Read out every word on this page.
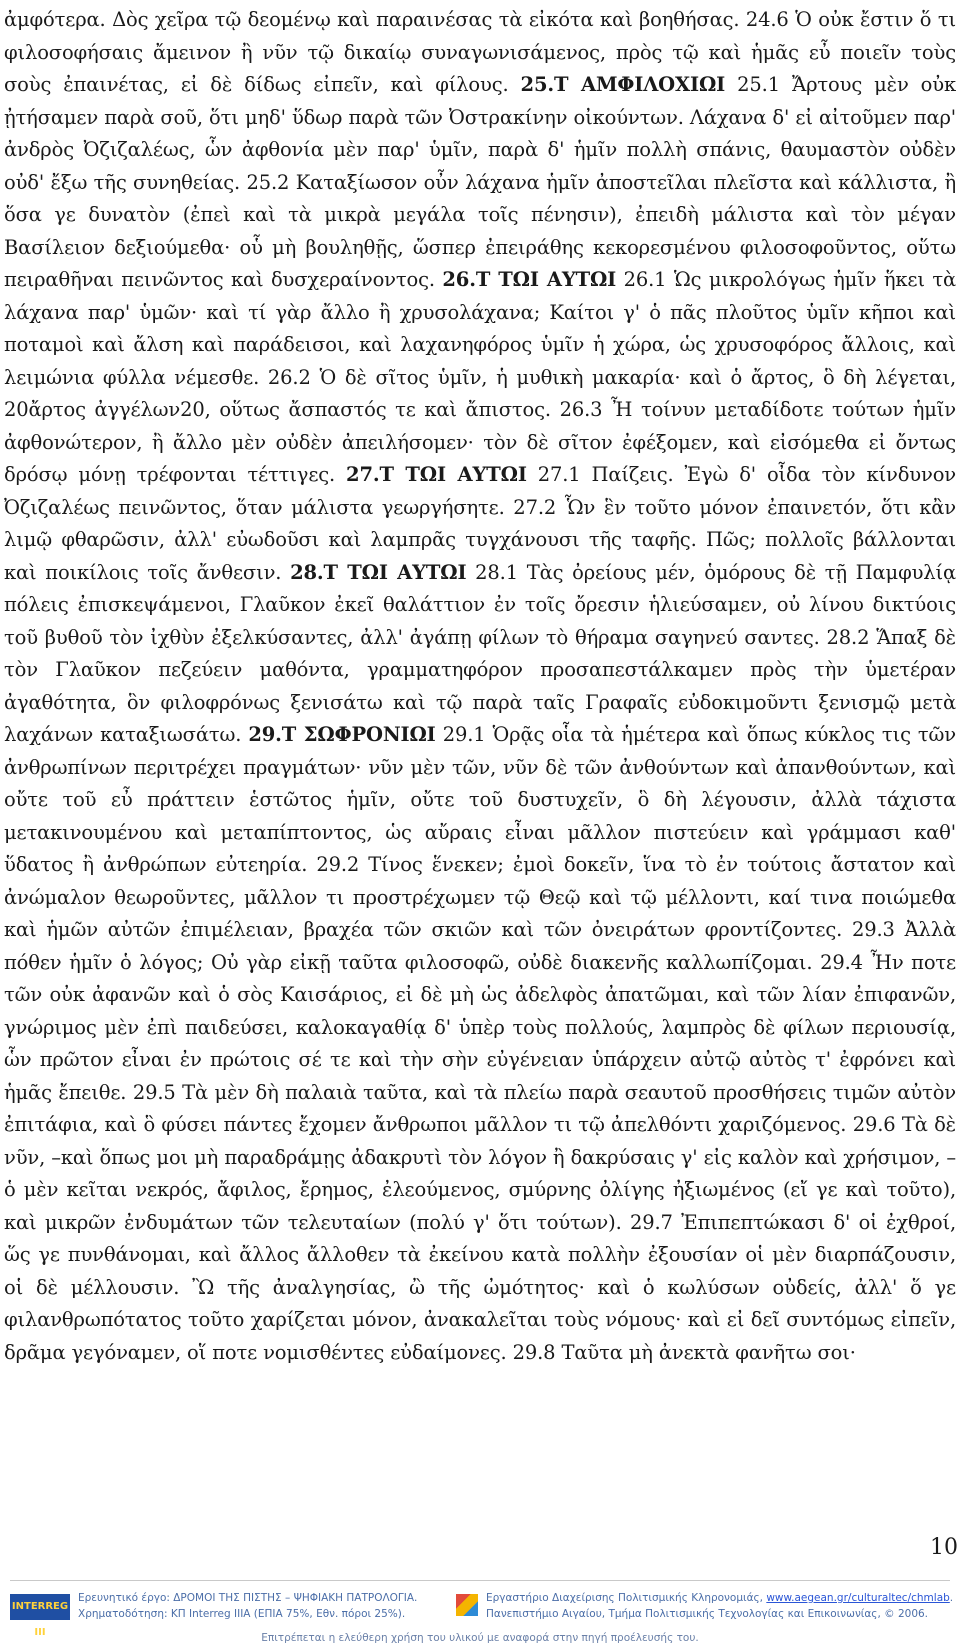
ἀμφότερα. Δὸς χεῖρα τῷ δεομένῳ καὶ παραινέσας τὰ εἰκότα καὶ βοηθήσας. 24.6 Ὁ οὐκ ἔστιν ὅ τι φιλοσοφήσαις ἄμεινον ἢ νῦν τῷ δικαίῳ συναγωνισάμενος, πρὸς τῷ καὶ ἡμᾶς εὖ ποιεῖν τοὺς σοὺς ἐπαινέτας, εἰ δὲ δίδως εἰπεῖν, καὶ φίλους. 25.Τ ΑΜΦΙΛΟΧΙΩΙ 25.1 Ἄρτους μὲν οὐκ ᾐτήσαμεν παρὰ σοῦ, ὅτι μηδ' ὕδωρ παρὰ τῶν Ὀστρακίνην οἰκούντων. Λάχανα δ' εἰ αἰτοῦμεν παρ' ἀνδρὸς Ὀζιζαλέως, ὧν ἀφθονία μὲν παρ' ὑμῖν, παρὰ δ' ἡμῖν πολλὴ σπάνις, θαυμαστὸν οὐδὲν οὐδ' ἔξω τῆς συνηθείας. 25.2 Καταξίωσον οὖν λάχανα ἡμῖν ἀποστεῖλαι πλεῖστα καὶ κάλλιστα, ἢ ὅσα γε δυνατὸν (ἐπεὶ καὶ τὰ μικρὰ μεγάλα τοῖς πένησιν), ἐπειδὴ μάλιστα καὶ τὸν μέγαν Βασίλειον δεξιούμεθα· οὗ μὴ βουληθῇς, ὥσπερ ἐπειράθης κεκορεσμένου φιλοσοφοῦντος, οὕτω πειραθῆναι πεινῶντος καὶ δυσχεραίνοντος. 26.Τ ΤΩΙ ΑΥΤΩΙ 26.1 Ὡς μικρολόγως ἡμῖν ἥκει τὰ λάχανα παρ' ὑμῶν· καὶ τί γὰρ ἄλλο ἢ χρυσολάχανα; Καίτοι γ' ὁ πᾶς πλοῦτος ὑμῖν κῆποι καὶ ποταμοὶ καὶ ἄλση καὶ παράδεισοι, καὶ λαχανηφόρος ὑμῖν ἡ χώρα, ὡς χρυσοφόρος ἄλλοις, καὶ λειμώνια φύλλα νέμεσθε. 26.2 Ὁ δὲ σῖτος ὑμῖν, ἡ μυθικὴ μακαρία· καὶ ὁ ἄρτος, ὃ δὴ λέγεται, 20ἄρτος ἀγγέλων20, οὕτως ἄσπαστός τε καὶ ἄπιστος. 26.3 Ἦ τοίνυν μεταδίδοτε τούτων ἡμῖν ἀφθονώτερον, ἢ ἄλλο μὲν οὐδὲν ἀπειλήσομεν· τὸν δὲ σῖτον ἐφέξομεν, καὶ εἰσόμεθα εἰ ὄντως δρόσῳ μόνῃ τρέφονται τέττιγες. 27.Τ ΤΩΙ ΑΥΤΩΙ 27.1 Παίζεις. Ἐγὼ δ' οἶδα τὸν κίνδυνον Ὀζιζαλέως πεινῶντος, ὅταν μάλιστα γεωργήσητε. 27.2 Ὧν ἓν τοῦτο μόνον ἐπαινετόν, ὅτι κἂν λιμῷ φθαρῶσιν, ἀλλ' εὐωδοῦσι καὶ λαμπρᾶς τυγχάνουσι τῆς ταφῆς. Πῶς; πολλοῖς βάλλονται καὶ ποικίλοις τοῖς ἄνθεσιν. 28.Τ ΤΩΙ ΑΥΤΩΙ 28.1 Τὰς ὀρείους μέν, ὁμόρους δὲ τῇ Παμφυλίᾳ πόλεις ἐπισκεψάμενοι, Γλαῦκον ἐκεῖ θαλάττιον ἐν τοῖς ὄρεσιν ἡλιεύσαμεν, οὐ λίνου δικτύοις τοῦ βυθοῦ τὸν ἰχθὺν ἐξελκύσαντες, ἀλλ' ἀγάπῃ φίλων τὸ θήραμα σαγηνεύ σαντες. 28.2 Ἅπαξ δὲ τὸν Γλαῦκον πεζεύειν μαθόντα, γραμματηφόρον προσαπεστάλκαμεν πρὸς τὴν ὑμετέραν ἀγαθότητα, ὃν φιλοφρόνως ξενισάτω καὶ τῷ παρὰ ταῖς Γραφαῖς εὐδοκιμοῦντι ξενισμῷ μετὰ λαχάνων καταξιωσάτω. 29.Τ ΣΩΦΡΟΝΙΩΙ 29.1 Ὁρᾷς οἷα τὰ ἡμέτερα καὶ ὅπως κύκλος τις τῶν ἀνθρωπίνων περιτρέχει πραγμάτων· νῦν μὲν τῶν, νῦν δὲ τῶν ἀνθούντων καὶ ἀπανθούντων, καὶ οὔτε τοῦ εὖ πράττειν ἑστῶτος ἡμῖν, οὔτε τοῦ δυστυχεῖν, ὃ δὴ λέγουσιν, ἀλλὰ τάχιστα μετακινουμένου καὶ μεταπίπτοντος, ὡς αὔραις εἶναι μᾶλλον πιστεύειν καὶ γράμμασι καθ' ὕδατος ἢ ἀνθρώπων εὐτεηρία. 29.2 Τίνος ἕνεκεν; ἐμοὶ δοκεῖν, ἵνα τὸ ἐν τούτοις ἄστατον καὶ ἀνώμαλον θεωροῦντες, μᾶλλον τι προστρέχωμεν τῷ Θεῷ καὶ τῷ μέλλοντι, καί τινα ποιώμεθα καὶ ἡμῶν αὐτῶν ἐπιμέλειαν, βραχέα τῶν σκιῶν καὶ τῶν ὀνειράτων φροντίζοντες. 29.3 Ἀλλὰ πόθεν ἡμῖν ὁ λόγος; Οὐ γὰρ εἰκῇ ταῦτα φιλοσοφῶ, οὐδὲ διακενῆς καλλωπίζομαι. 29.4 Ἦν ποτε τῶν οὐκ ἀφανῶν καὶ ὁ σὸς Καισάριος, εἰ δὲ μὴ ὡς ἀδελφὸς ἀπατῶμαι, καὶ τῶν λίαν ἐπιφανῶν, γνώριμος μὲν ἐπὶ παιδεύσει, καλοκαγαθίᾳ δ' ὑπὲρ τοὺς πολλούς, λαμπρὸς δὲ φίλων περιουσίᾳ, ὧν πρῶτον εἶναι ἐν πρώτοις σέ τε καὶ τὴν σὴν εὐγένειαν ὑπάρχειν αὐτῷ αὐτὸς τ' ἐφρόνει καὶ ἡμᾶς ἔπειθε. 29.5 Τὰ μὲν δὴ παλαιὰ ταῦτα, καὶ τὰ πλείω παρὰ σεαυτοῦ προσθήσεις τιμῶν αὐτὸν ἐπιτάφια, καὶ ὃ φύσει πάντες ἔχομεν ἄνθρωποι μᾶλλον τι τῷ ἀπελθόντι χαριζόμενος. 29.6 Τὰ δὲ νῦν, –καὶ ὅπως μοι μὴ παραδράμῃς ἀδακρυτὶ τὸν λόγον ἢ δακρύσαις γ' εἰς καλὸν καὶ χρήσιμον, –ὁ μὲν κεῖται νεκρός, ἄφιλος, ἔρημος, ἐλεούμενος, σμύρνης ὀλίγης ἠξιωμένος (εἴ γε καὶ τοῦτο), καὶ μικρῶν ἐνδυμάτων τῶν τελευταίων (πολύ γ' ὅτι τούτων). 29.7 Ἐπιπεπτώκασι δ' οἱ ἐχθροί, ὥς γε πυνθάνομαι, καὶ ἄλλος ἄλλοθεν τὰ ἐκείνου κατὰ πολλὴν ἐξουσίαν οἱ μὲν διαρπάζουσιν, οἱ δὲ μέλλουσιν. Ὢ τῆς ἀναλγησίας, ὢ τῆς ὠμότητος· καὶ ὁ κωλύσων οὐδείς, ἀλλ' ὅ γε φιλανθρωπότατος τοῦτο χαρίζεται μόνον, ἀνακαλεῖται τοὺς νόμους· καὶ εἰ δεῖ συντόμως εἰπεῖν, δρᾶμα γεγόναμεν, οἵ ποτε νομισθέντες εὐδαίμονες. 29.8 Ταῦτα μὴ ἀνεκτὰ φανῆτω σοι·
10
INTERREG III
Ερευνητικό έργο: ΔΡΟΜΟΙ ΤΗΣ ΠΙΣΤΗΣ – ΨΗΦΙΑΚΗ ΠΑΤΡΟΛΟΓΙΑ.
Χρηματοδότηση: ΚΠ Interreg IIIA (ΕΠΙΑ 75%, Εθν. πόροι 25%).
Εργαστήριο Διαχείρισης Πολιτισμικής Κληρονομιάς, www.aegean.gr/culturaltec/chmlab.
Πανεπιστήμιο Αιγαίου, Τμήμα Πολιτισμικής Τεχνολογίας και Επικοινωνίας, © 2006.
Επιτρέπεται η ελεύθερη χρήση του υλικού με αναφορά στην πηγή προέλευσής του.
